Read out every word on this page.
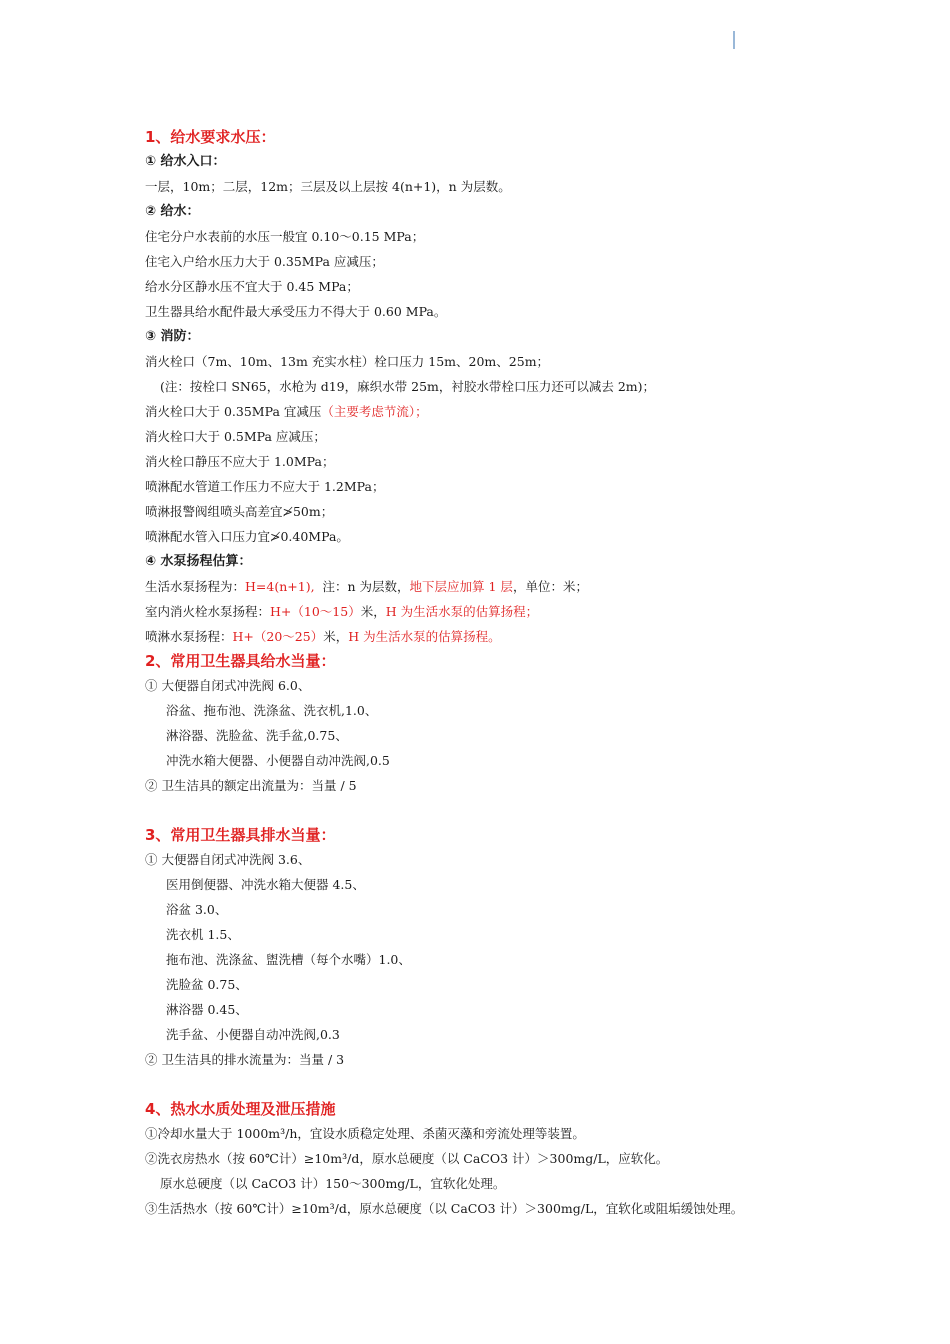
1、给水要求水压：
① 给水入口：
一层，10m；二层，12m；三层及以上层按 4(n+1)，n 为层数。
② 给水：
住宅分户水表前的水压一般宜 0.10～0.15 MPa；
住宅入户给水压力大于 0.35MPa 应减压；
给水分区静水压不宜大于 0.45 MPa；
卫生器具给水配件最大承受压力不得大于 0.60 MPa。
③ 消防：
消火栓口（7m、10m、13m 充实水柱）栓口压力 15m、20m、25m；
(注：按栓口 SN65，水枪为 d19，麻织水带 25m，衬胶水带栓口压力还可以减去 2m)；
消火栓口大于 0.35MPa 宜减压（主要考虑节流）；
消火栓口大于 0.5MPa 应减压；
消火栓口静压不应大于 1.0MPa；
喷淋配水管道工作压力不应大于 1.2MPa；
喷淋报警阀组喷头高差宜≯50m；
喷淋配水管入口压力宜≯0.40MPa。
④ 水泵扬程估算：
生活水泵扬程为：H=4(n+1),  注：n 为层数，地下层应加算 1 层，单位：米；
室内消火栓水泵扬程：H+（10～15）米，H 为生活水泵的估算扬程；
喷淋水泵扬程：H+（20～25）米，H 为生活水泵的估算扬程。
2、常用卫生器具给水当量：
① 大便器自闭式冲洗阀 6.0、
浴盆、拖布池、洗涤盆、洗衣机,1.0、
淋浴器、洗脸盆、洗手盆,0.75、
冲洗水箱大便器、小便器自动冲洗阀,0.5
② 卫生洁具的额定出流量为：当量 / 5
3、常用卫生器具排水当量：
① 大便器自闭式冲洗阀 3.6、
医用倒便器、冲洗水箱大便器 4.5、
浴盆 3.0、
洗衣机 1.5、
拖布池、洗涤盆、盥洗槽（每个水嘴）1.0、
洗脸盆 0.75、
淋浴器 0.45、
洗手盆、小便器自动冲洗阀,0.3
② 卫生洁具的排水流量为：当量 / 3
4、热水水质处理及泄压措施
①冷却水量大于 1000m³/h，宜设水质稳定处理、杀菌灭藻和旁流处理等装置。
②洗衣房热水（按 60℃计）≥10m³/d，原水总硬度（以 CaCO3 计）＞300mg/L，应软化。
原水总硬度（以 CaCO3 计）150～300mg/L，宜软化处理。
③生活热水（按 60℃计）≥10m³/d，原水总硬度（以 CaCO3 计）＞300mg/L，宜软化或阻垢缓蚀处理。
